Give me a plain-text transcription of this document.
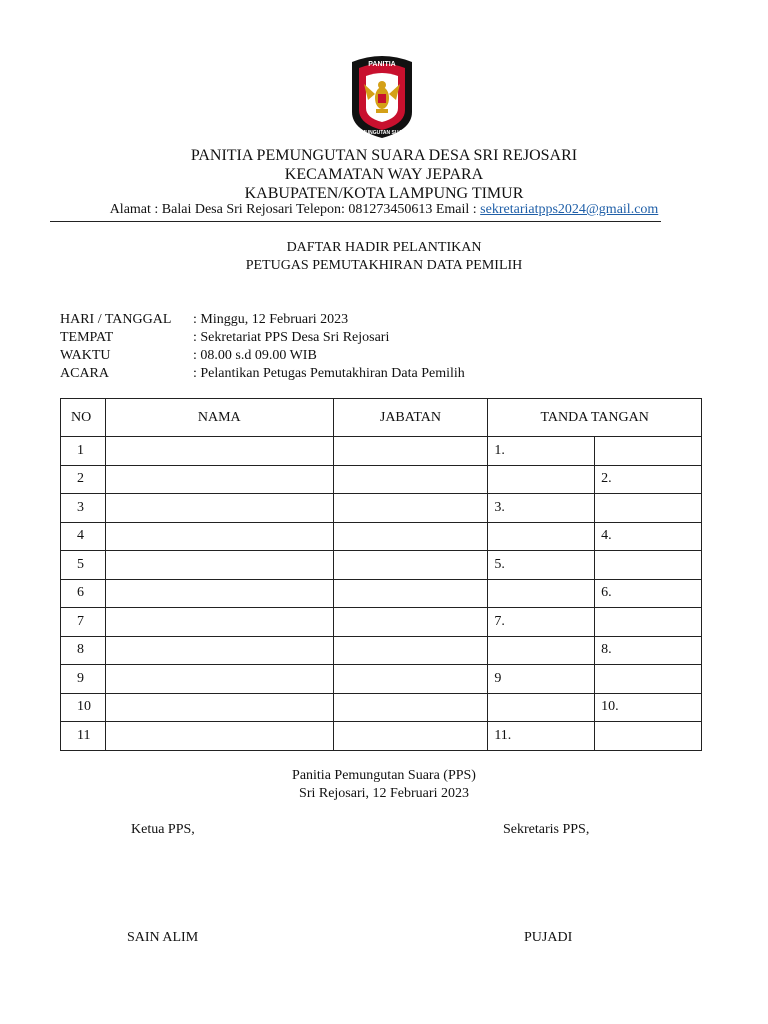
PANITIA
PEMUNGUTAN SUARA
PANITIA PEMUNGUTAN SUARA DESA SRI REJOSARI
KECAMATAN WAY JEPARA
KABUPATEN/KOTA LAMPUNG TIMUR
Alamat : Balai Desa Sri Rejosari Telepon: 081273450613 Email : sekretariatpps2024@gmail.com
DAFTAR HADIR PELANTIKAN
PETUGAS PEMUTAKHIRAN DATA PEMILIH
HARI / TANGGAL : Minggu, 12 Februari 2023
TEMPAT	: Sekretariat PPS Desa Sri Rejosari
WAKTU	: 08.00 s.d 09.00 WIB
ACARA	: Pelantikan Petugas Pemutakhiran Data Pemilih
NO	NAMA	JABATAN	TANDA TANGAN	
1			1.	
2				2.
3			3.	
4				4.
5			5.	
6				6.
7			7.	
8				8.
9			9	
10				10.
11			11.	
Panitia Pemungutan Suara (PPS)
Sri Rejosari, 12 Februari 2023
Ketua PPS,	Sekretaris PPS,
SAIN ALIM	PUJADI
